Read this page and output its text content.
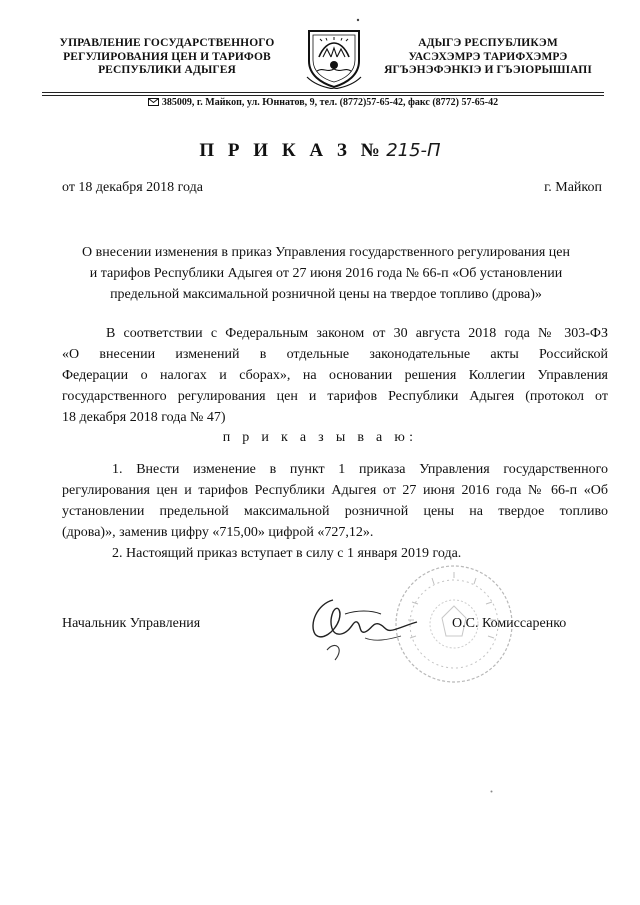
УПРАВЛЕНИЕ ГОСУДАРСТВЕННОГО
РЕГУЛИРОВАНИЯ ЦЕН И ТАРИФОВ
РЕСПУБЛИКИ АДЫГЕЯ
АДЫГЭ РЕСПУБЛИКЭМ
УАСЭХЭМРЭ ТАРИФХЭМРЭ
ЯГЪЭНЭФЭНКІЭ И ГЪЭІОРЫШІАПІ
385009, г. Майкоп, ул. Юннатов, 9, тел. (8772)57-65-42, факс (8772) 57-65-42
П Р И К А З № 215-П
от 18 декабря 2018 года	г. Майкоп
О внесении изменения в приказ Управления государственного регулирования цен
и тарифов Республики Адыгея от 27 июня 2016 года № 66-п «Об установлении
предельной максимальной розничной цены на твердое топливо (дрова)»
В соответствии с Федеральным законом от 30 августа 2018 года № 303-ФЗ
«О внесении изменений в отдельные законодательные акты Российской
Федерации о налогах и сборах», на основании решения Коллегии Управления
государственного регулирования цен и тарифов Республики Адыгея (протокол от
18 декабря 2018 года № 47)
п р и к а з ы в а ю:
1. Внести изменение в пункт 1 приказа Управления государственного
регулирования цен и тарифов Республики Адыгея от 27 июня 2016 года № 66-п «Об
установлении предельной максимальной розничной цены на твердое топливо
(дрова)», заменив цифру «715,00» цифрой «727,12».
2. Настоящий приказ вступает в силу с 1 января 2019 года.
Начальник Управления	О.С. Комиссаренко
